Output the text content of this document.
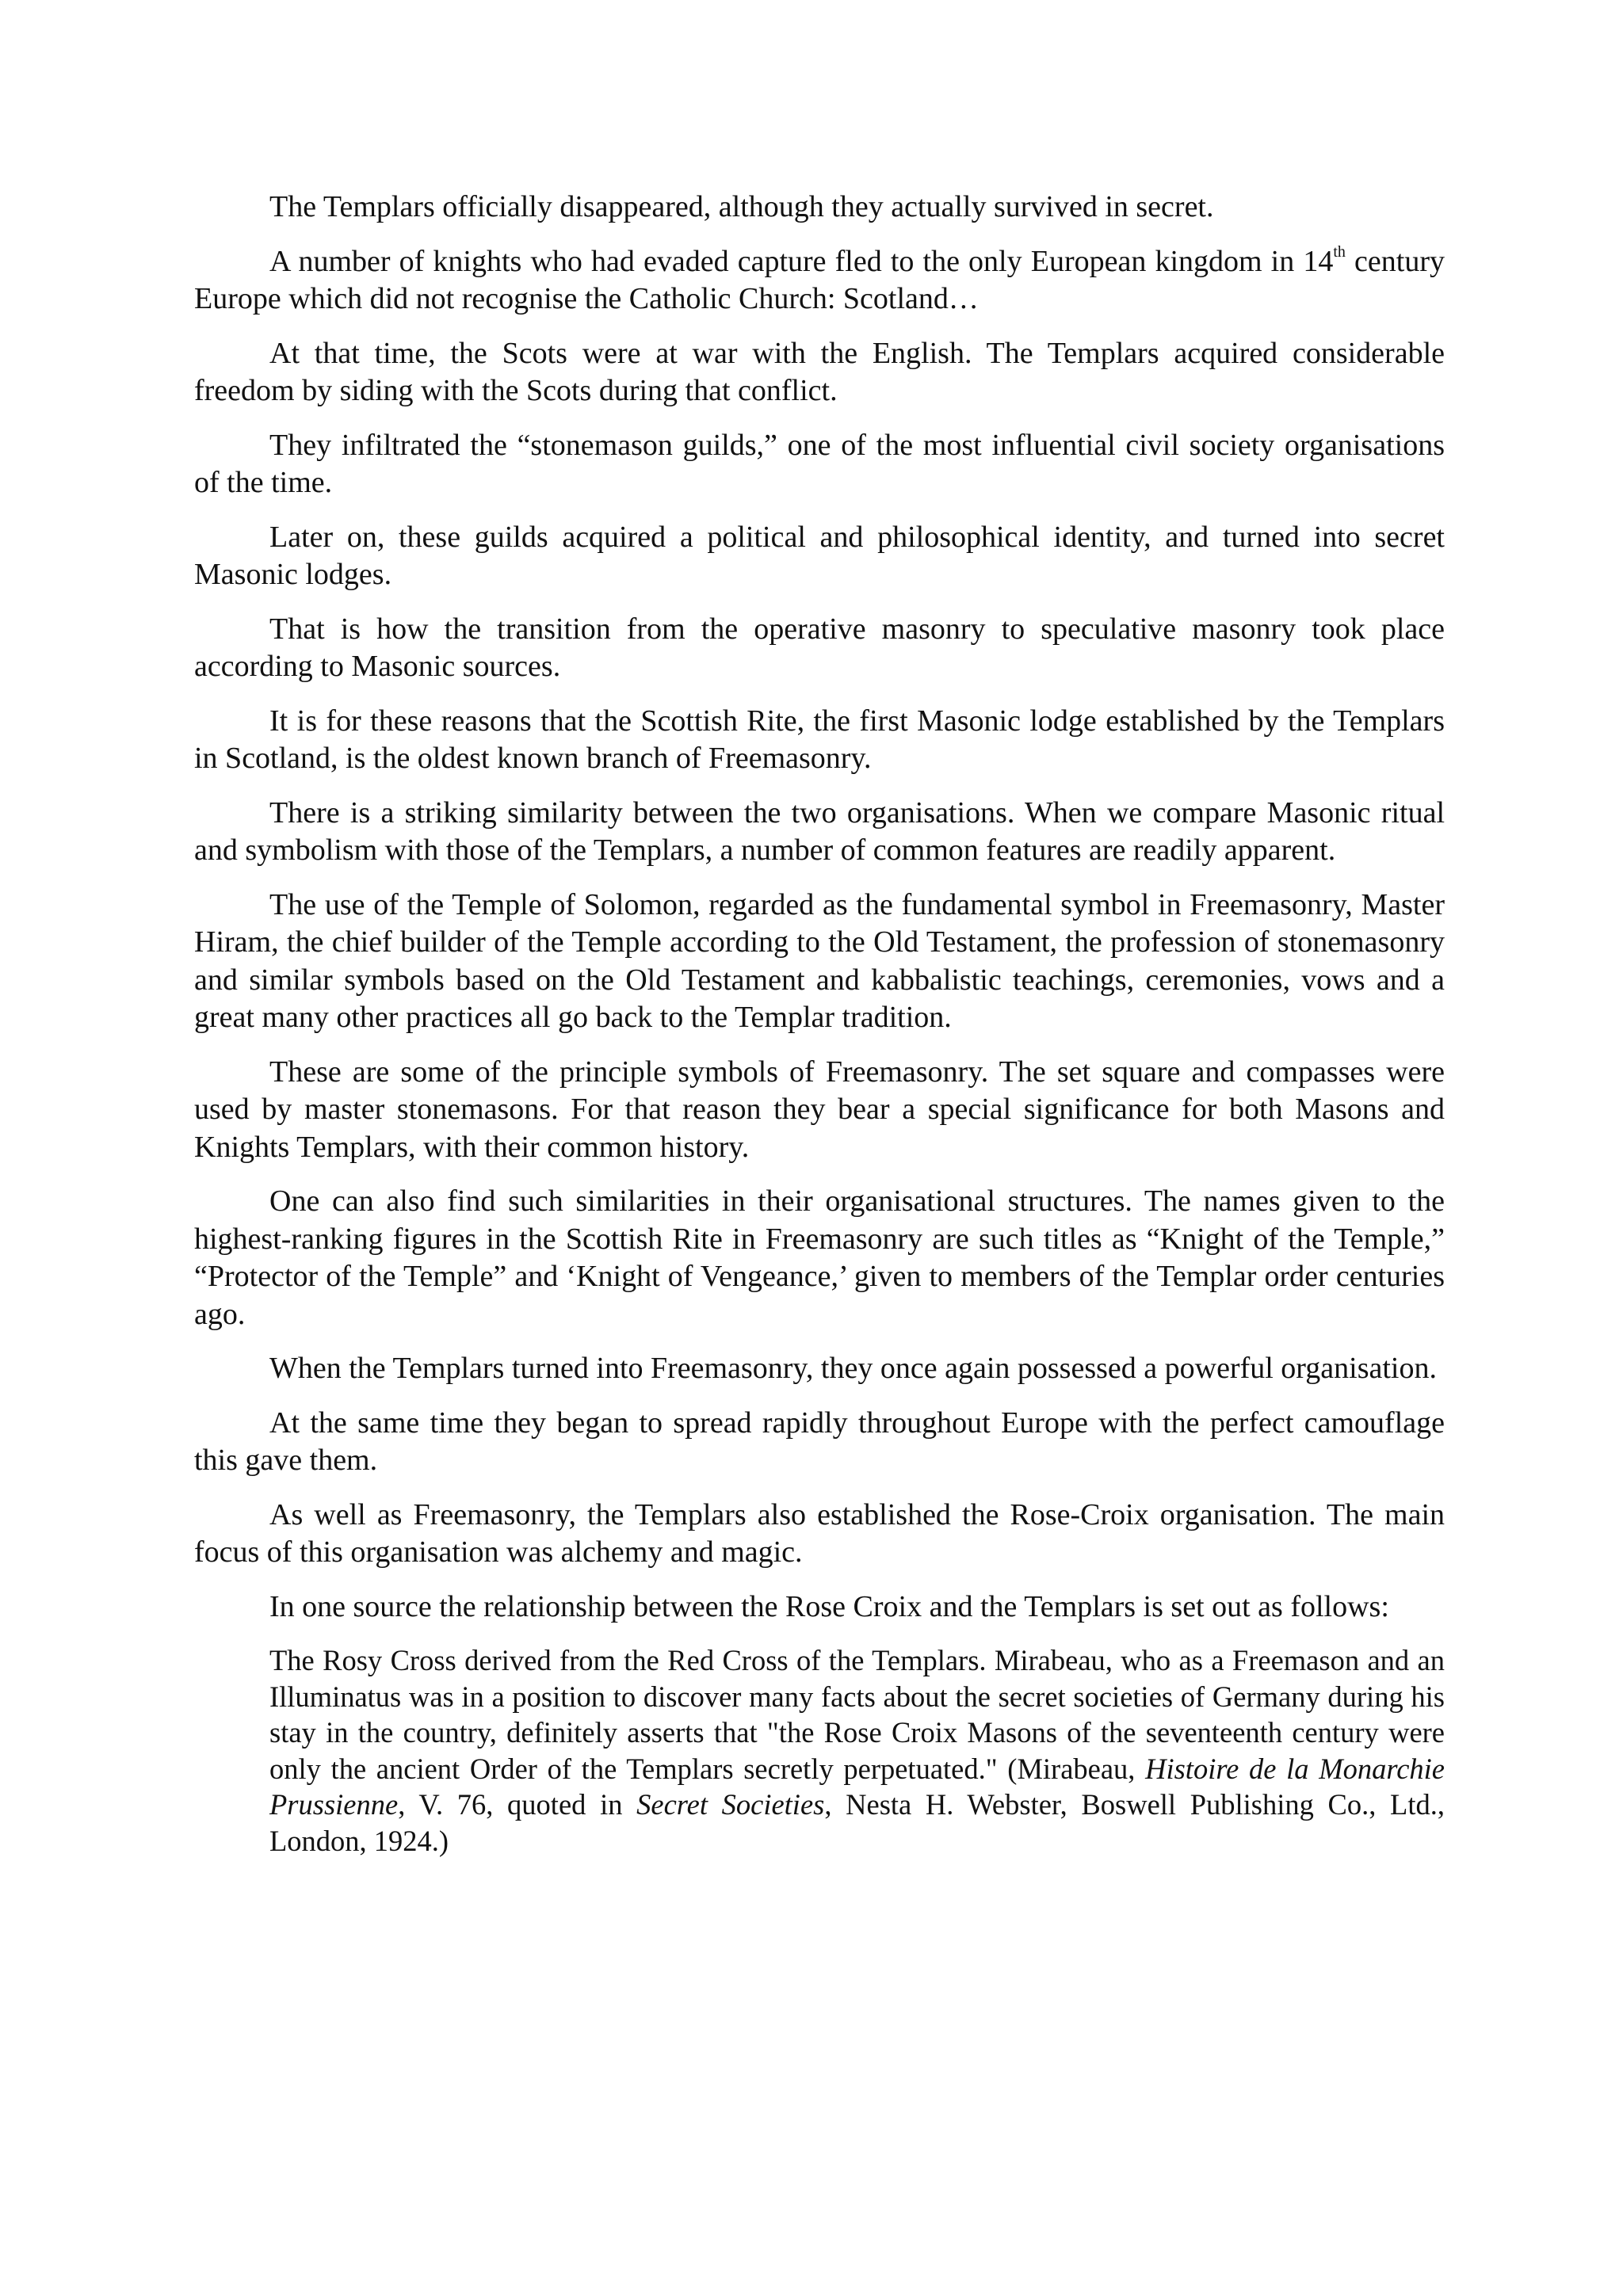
The Templars officially disappeared, although they actually survived in secret.

A number of knights who had evaded capture fled to the only European kingdom in 14th century Europe which did not recognise the Catholic Church: Scotland…

At that time, the Scots were at war with the English. The Templars acquired considerable freedom by siding with the Scots during that conflict.

They infiltrated the “stonemason guilds,” one of the most influential civil society organisations of the time.

Later on, these guilds acquired a political and philosophical identity, and turned into secret Masonic lodges.

That is how the transition from the operative masonry to speculative masonry took place according to Masonic sources.

It is for these reasons that the Scottish Rite, the first Masonic lodge established by the Templars in Scotland, is the oldest known branch of Freemasonry.

There is a striking similarity between the two organisations. When we compare Masonic ritual and symbolism with those of the Templars, a number of common features are readily apparent.

The use of the Temple of Solomon, regarded as the fundamental symbol in Freemasonry, Master Hiram, the chief builder of the Temple according to the Old Testament, the profession of stonemasonry and similar symbols based on the Old Testament and kabbalistic teachings, ceremonies, vows and a great many other practices all go back to the Templar tradition.

These are some of the principle symbols of Freemasonry. The set square and compasses were used by master stonemasons. For that reason they bear a special significance for both Masons and Knights Templars, with their common history.

One can also find such similarities in their organisational structures. The names given to the highest-ranking figures in the Scottish Rite in Freemasonry are such titles as “Knight of the Temple,” “Protector of the Temple” and ‘Knight of Vengeance,’ given to members of the Templar order centuries ago.

When the Templars turned into Freemasonry, they once again possessed a powerful organisation.

At the same time they began to spread rapidly throughout Europe with the perfect camouflage this gave them.

As well as Freemasonry, the Templars also established the Rose-Croix organisation. The main focus of this organisation was alchemy and magic.

In one source the relationship between the Rose Croix and the Templars is set out as follows:

The Rosy Cross derived from the Red Cross of the Templars. Mirabeau, who as a Freemason and an Illuminatus was in a position to discover many facts about the secret societies of Germany during his stay in the country, definitely asserts that "the Rose Croix Masons of the seventeenth century were only the ancient Order of the Templars secretly perpetuated." (Mirabeau, Histoire de la Monarchie Prussienne, V. 76, quoted in Secret Societies, Nesta H. Webster, Boswell Publishing Co., Ltd., London, 1924.)
